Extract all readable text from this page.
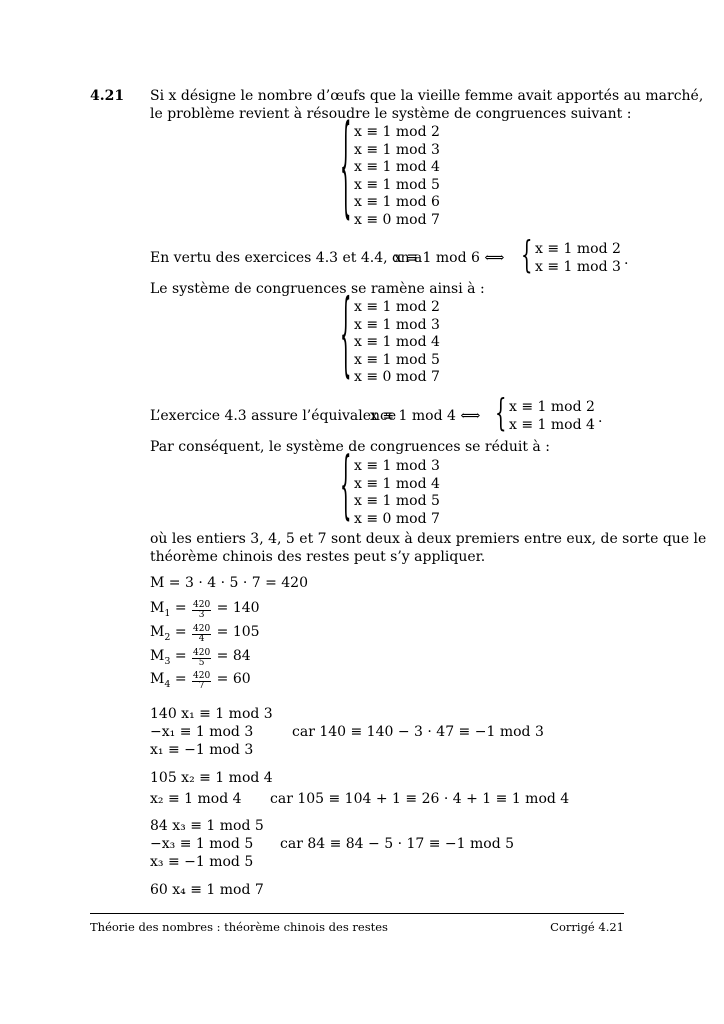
4.21 Si x désigne le nombre d’œufs que la vieille femme avait apportés au marché,
le problème revient à résoudre le système de congruences suivant :
{ x ≡ 1 mod 2
x ≡ 1 mod 3
x ≡ 1 mod 4
x ≡ 1 mod 5
x ≡ 1 mod 6
x ≡ 0 mod 7
En vertu des exercices 4.3 et 4.4, on a
x ≡ 1 mod 6 ⟺ { x ≡ 1 mod 2
x ≡ 1 mod 3 .
Le système de congruences se ramène ainsi à :
{ x ≡ 1 mod 2
x ≡ 1 mod 3
x ≡ 1 mod 4
x ≡ 1 mod 5
x ≡ 0 mod 7
L’exercice 4.3 assure l’équivalence
x ≡ 1 mod 4 ⟺ { x ≡ 1 mod 2
x ≡ 1 mod 4 .
Par conséquent, le système de congruences se réduit à :
{ x ≡ 1 mod 3
x ≡ 1 mod 4
x ≡ 1 mod 5
x ≡ 0 mod 7
où les entiers 3, 4, 5 et 7 sont deux à deux premiers entre eux, de sorte que le
théorème chinois des restes peut s’y appliquer.
M = 3 · 4 · 5 · 7 = 420
$M_1 = \frac{420}{3} = 140$
$M_2 = \frac{420}{4} = 105$
$M_3 = \frac{420}{5} = 84$
$M_4 = \frac{420}{7} = 60$
140 x₁ ≡ 1 mod 3
−x₁ ≡ 1 mod 3	car 140 ≡ 140 − 3 · 47 ≡ −1 mod 3
x₁ ≡ −1 mod 3
105 x₂ ≡ 1 mod 4
x₂ ≡ 1 mod 4 car 105 ≡ 104 + 1 ≡ 26 · 4 + 1 ≡ 1 mod 4
84 x₃ ≡ 1 mod 5
−x₃ ≡ 1 mod 5 car 84 ≡ 84 − 5 · 17 ≡ −1 mod 5
x₃ ≡ −1 mod 5
60 x₄ ≡ 1 mod 7
Théorie des nombres : théorème chinois des restes	Corrigé 4.21
